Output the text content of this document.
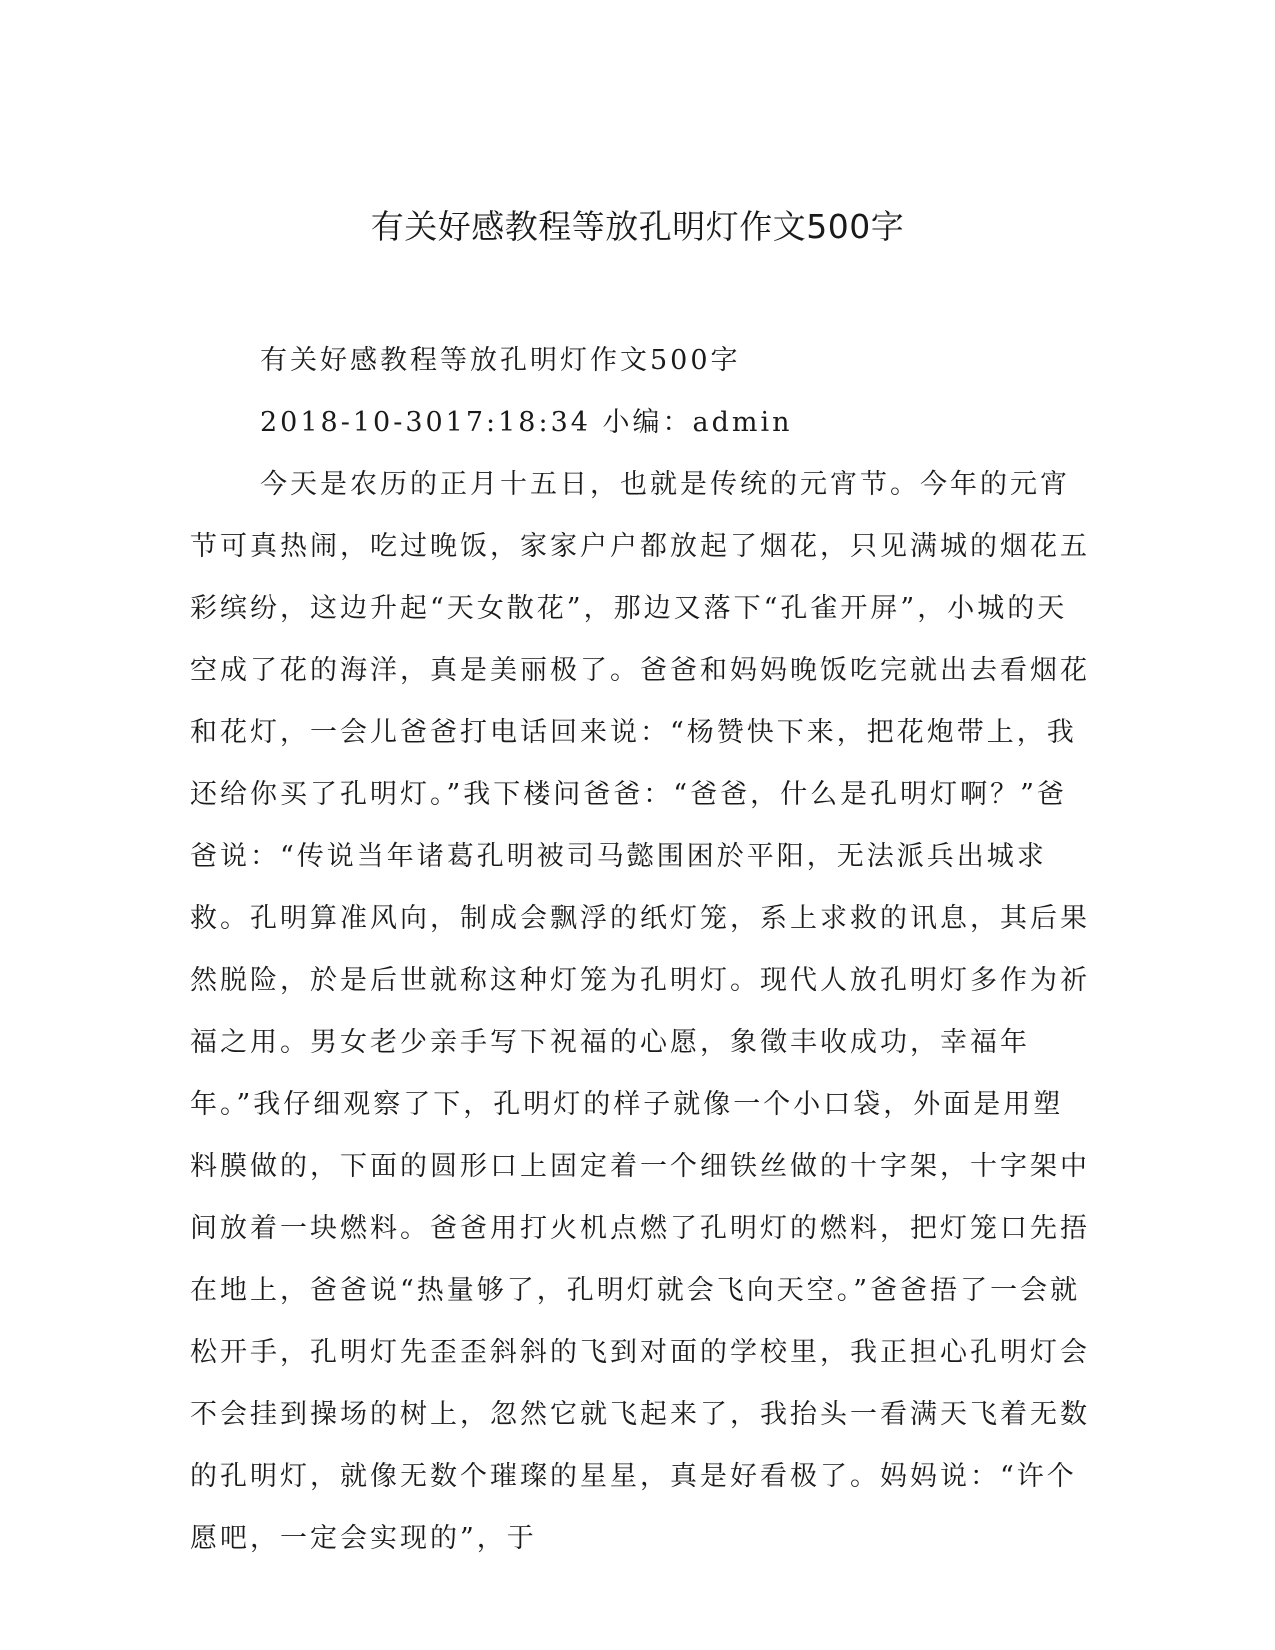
有关好感教程等放孔明灯作文500字

有关好感教程等放孔明灯作文500字

2018-10-3017:18:34 小编：admin

今天是农历的正月十五日，也就是传统的元宵节。今年的元宵节可真热闹，吃过晚饭，家家户户都放起了烟花，只见满城的烟花五彩缤纷，这边升起“天女散花”，那边又落下“孔雀开屏”，小城的天空成了花的海洋，真是美丽极了。爸爸和妈妈晚饭吃完就出去看烟花和花灯，一会儿爸爸打电话回来说：“杨赞快下来，把花炮带上，我还给你买了孔明灯。”我下楼问爸爸：“爸爸，什么是孔明灯啊？”爸爸说：“传说当年诸葛孔明被司马懿围困於平阳，无法派兵出城求救。孔明算准风向，制成会飘浮的纸灯笼，系上求救的讯息，其后果然脱险，於是后世就称这种灯笼为孔明灯。现代人放孔明灯多作为祈福之用。男女老少亲手写下祝福的心愿，象徵丰收成功，幸福年年。”我仔细观察了下，孔明灯的样子就像一个小口袋，外面是用塑料膜做的，下面的圆形口上固定着一个细铁丝做的十字架，十字架中间放着一块燃料。爸爸用打火机点燃了孔明灯的燃料，把灯笼口先捂在地上，爸爸说“热量够了，孔明灯就会飞向天空。”爸爸捂了一会就松开手，孔明灯先歪歪斜斜的飞到对面的学校里，我正担心孔明灯会不会挂到操场的树上，忽然它就飞起来了，我抬头一看满天飞着无数的孔明灯，就像无数个璀璨的星星，真是好看极了。妈妈说：“许个愿吧，一定会实现的”，于
